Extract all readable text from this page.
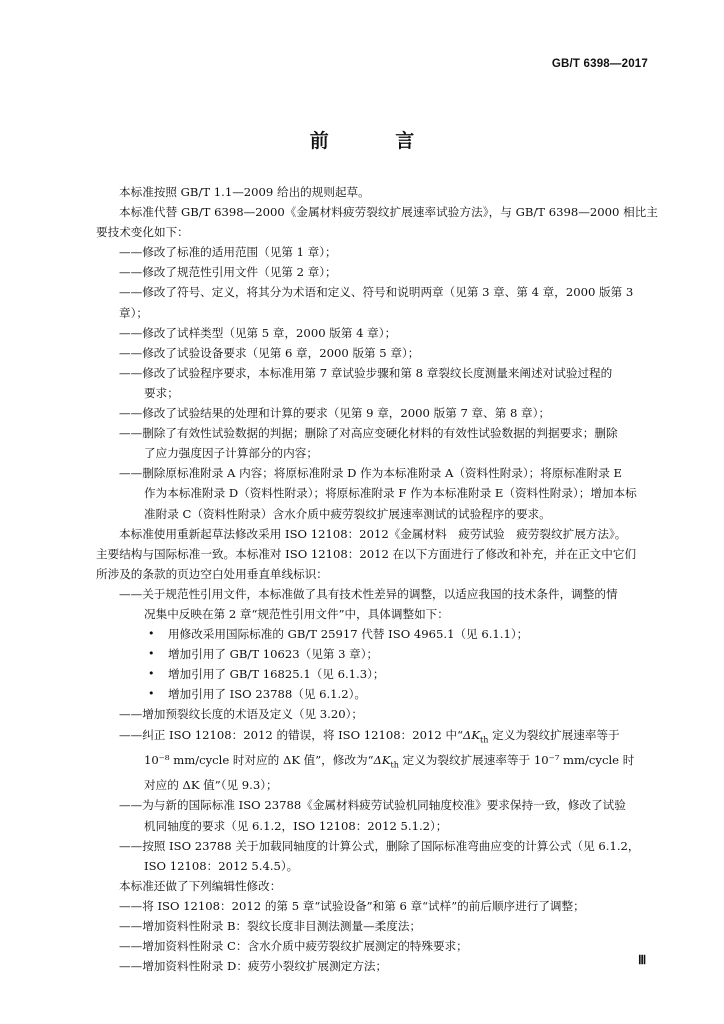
GB/T 6398—2017
前 言
本标准按照 GB/T 1.1—2009 给出的规则起草。
本标准代替 GB/T 6398—2000《金属材料疲劳裂纹扩展速率试验方法》，与 GB/T 6398—2000 相比主要技术变化如下：
——修改了标准的适用范围（见第 1 章）；
——修改了规范性引用文件（见第 2 章）；
——修改了符号、定义，将其分为术语和定义、符号和说明两章（见第 3 章、第 4 章，2000 版第 3 章）；
——修改了试样类型（见第 5 章，2000 版第 4 章）；
——修改了试验设备要求（见第 6 章，2000 版第 5 章）；
——修改了试验程序要求，本标准用第 7 章试验步骤和第 8 章裂纹长度测量来阐述对试验过程的
要求；
——修改了试验结果的处理和计算的要求（见第 9 章，2000 版第 7 章、第 8 章）；
——删除了有效性试验数据的判据；删除了对高应变硬化材料的有效性试验数据的判据要求；删除
了应力强度因子计算部分的内容；
——删除原标准附录 A 内容；将原标准附录 D 作为本标准附录 A（资料性附录）；将原标准附录 E
作为本标准附录 D（资料性附录）；将原标准附录 F 作为本标准附录 E（资料性附录）；增加本标
准附录 C（资料性附录）含水介质中疲劳裂纹扩展速率测试的试验程序的要求。
本标准使用重新起草法修改采用 ISO 12108：2012《金属材料　疲劳试验　疲劳裂纹扩展方法》。
主要结构与国际标准一致。本标准对 ISO 12108：2012 在以下方面进行了修改和补充，并在正文中它们
所涉及的条款的页边空白处用垂直单线标识：
——关于规范性引用文件，本标准做了具有技术性差异的调整，以适应我国的技术条件，调整的情
况集中反映在第 2 章“规范性引用文件”中，具体调整如下：
• 用修改采用国际标准的 GB/T 25917 代替 ISO 4965.1（见 6.1.1）；
• 增加引用了 GB/T 10623（见第 3 章）；
• 增加引用了 GB/T 16825.1（见 6.1.3）；
• 增加引用了 ISO 23788（见 6.1.2）。
——增加预裂纹长度的术语及定义（见 3.20）；
——纠正 ISO 12108：2012 的错误，将 ISO 12108：2012 中“$\Delta K_{th}$ 定义为裂纹扩展速率等于
10⁻⁸ mm/cycle 时对应的 ΔK 值”，修改为“$\Delta K_{th}$ 定义为裂纹扩展速率等于 10⁻⁷ mm/cycle 时
对应的 ΔK 值”（见 9.3）；
——为与新的国际标准 ISO 23788《金属材料疲劳试验机同轴度校准》要求保持一致，修改了试验
机同轴度的要求（见 6.1.2，ISO 12108：2012 5.1.2）；
——按照 ISO 23788 关于加载同轴度的计算公式，删除了国际标准弯曲应变的计算公式（见 6.1.2，
ISO 12108：2012 5.4.5）。
本标准还做了下列编辑性修改：
——将 ISO 12108：2012 的第 5 章“试验设备”和第 6 章“试样”的前后顺序进行了调整；
——增加资料性附录 B：裂纹长度非目测法测量—柔度法；
——增加资料性附录 C：含水介质中疲劳裂纹扩展测定的特殊要求；
——增加资料性附录 D：疲劳小裂纹扩展测定方法；	Ⅲ
